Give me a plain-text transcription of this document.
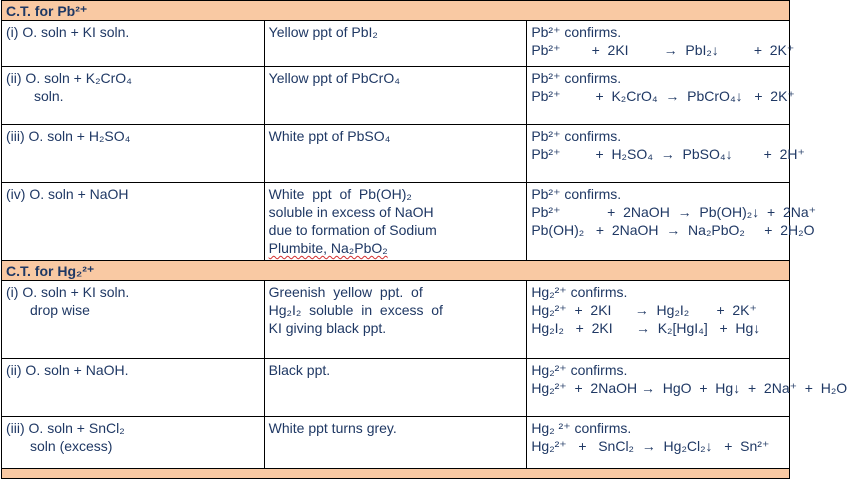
C.T. for Pb²⁺		

(i) O. soln + KI soln.	Yellow ppt of PbI₂	Pb²⁺ confirms.
Pb²⁺        +  2KI         →  PbI₂↓         +  2K⁺

(ii) O. soln + K₂CrO₄
soln.	Yellow ppt of PbCrO₄	Pb²⁺ confirms.
Pb²⁺         +  K₂CrO₄  →  PbCrO₄↓   +  2K⁺

(iii) O. soln + H₂SO₄	White ppt of PbSO₄	Pb²⁺ confirms.
Pb²⁺         +  H₂SO₄  →  PbSO₄↓        +  2H⁺

(iv) O. soln + NaOH	White  ppt  of  Pb(OH)₂
soluble in excess of NaOH
due to formation of Sodium
Plumbite, Na₂PbO₂	Pb²⁺ confirms.
Pb²⁺            +  2NaOH  →  Pb(OH)₂↓  +  2Na⁺
Pb(OH)₂   +  2NaOH  →  Na₂PbO₂     +  2H₂O

C.T. for Hg₂²⁺		

(i) O. soln + KI soln.
drop wise	Greenish  yellow  ppt.  of
Hg₂I₂  soluble  in  excess  of
KI giving black ppt.	Hg₂²⁺ confirms.
Hg₂²⁺  +  2KI      →  Hg₂I₂       +  2K⁺
Hg₂I₂   +  2KI      →  K₂[HgI₄]   +  Hg↓

(ii) O. soln + NaOH.	Black ppt.	Hg₂²⁺ confirms.
Hg₂²⁺  +  2NaOH →  HgO  +  Hg↓  +  2Na⁺  +  H₂O

(iii) O. soln + SnCl₂
soln (excess)	White ppt turns grey.	Hg₂ ²⁺ confirms.
Hg₂²⁺   +   SnCl₂  →  Hg₂Cl₂↓   +  Sn²⁺
